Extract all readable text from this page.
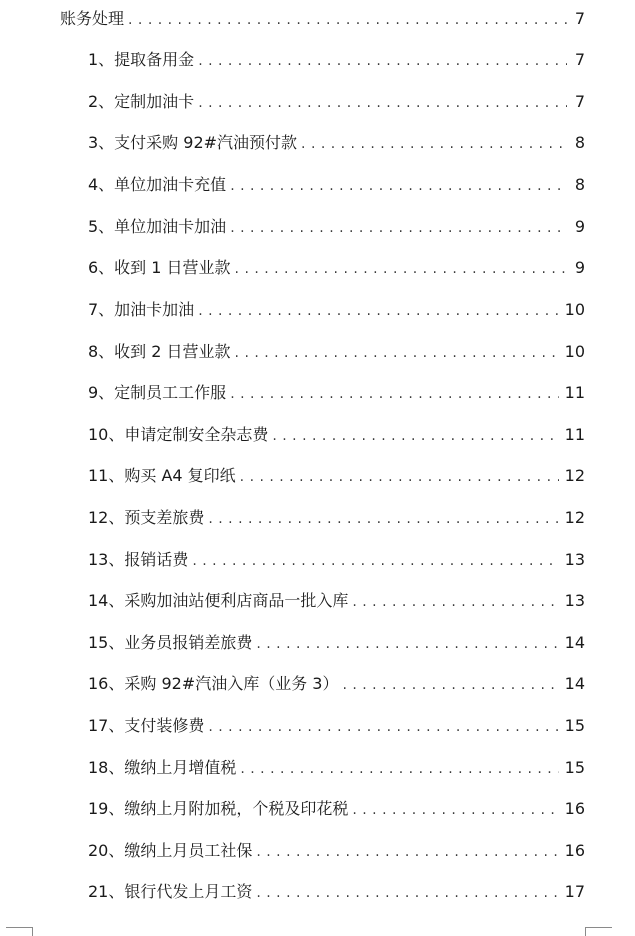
账务处理 . . .	7
1、提取备用金 . . .	7
2、定制加油卡 . . .	7
3、支付采购 92#汽油预付款 . . .	8
4、单位加油卡充值 . . .	8
5、单位加油卡加油 . . .	9
6、收到 1 日营业款 . . .	9
7、加油卡加油 . . .	10
8、收到 2 日营业款 . . .	10
9、定制员工工作服 . . .	11
10、申请定制安全杂志费 . . .	11
11、购买 A4 复印纸 . . .	12
12、预支差旅费 . . .	12
13、报销话费 . . .	13
14、采购加油站便利店商品一批入库 . . .	13
15、业务员报销差旅费 . . .	14
16、采购 92#汽油入库（业务 3） . . .	14
17、支付装修费 . . .	15
18、缴纳上月增值税 . . .	15
19、缴纳上月附加税，个税及印花税 . . .	16
20、缴纳上月员工社保 . . .	16
21、银行代发上月工资 . . .	17
